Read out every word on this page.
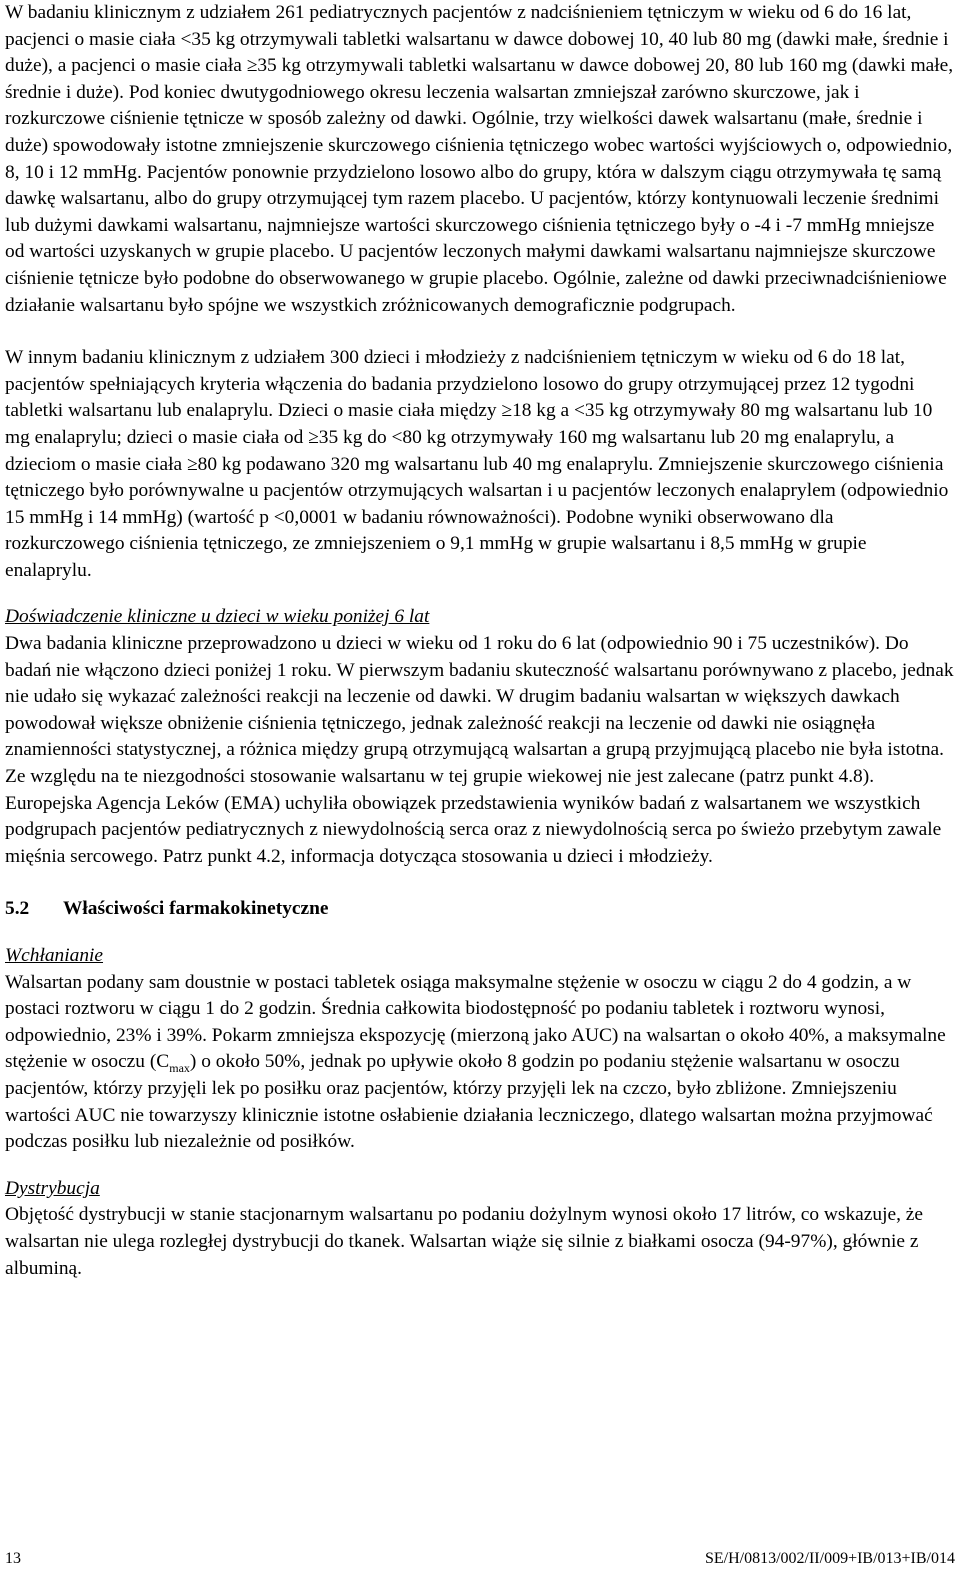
W badaniu klinicznym z udziałem 261 pediatrycznych pacjentów z nadciśnieniem tętniczym w wieku od 6 do 16 lat, pacjenci o masie ciała <35 kg otrzymywali tabletki walsartanu w dawce dobowej 10, 40 lub 80 mg (dawki małe, średnie i duże), a pacjenci o masie ciała ≥35 kg otrzymywali tabletki walsartanu w dawce dobowej 20, 80 lub 160 mg (dawki małe, średnie i duże). Pod koniec dwutygodniowego okresu leczenia walsartan zmniejszał zarówno skurczowe, jak i rozkurczowe ciśnienie tętnicze w sposób zależny od dawki. Ogólnie, trzy wielkości dawek walsartanu (małe, średnie i duże) spowodowały istotne zmniejszenie skurczowego ciśnienia tętniczego wobec wartości wyjściowych o, odpowiednio, 8, 10 i 12 mmHg. Pacjentów ponownie przydzielono losowo albo do grupy, która w dalszym ciągu otrzymywała tę samą dawkę walsartanu, albo do grupy otrzymującej tym razem placebo. U pacjentów, którzy kontynuowali leczenie średnimi lub dużymi dawkami walsartanu, najmniejsze wartości skurczowego ciśnienia tętniczego były o -4 i -7 mmHg mniejsze od wartości uzyskanych w grupie placebo. U pacjentów leczonych małymi dawkami walsartanu najmniejsze skurczowe ciśnienie tętnicze było podobne do obserwowanego w grupie placebo. Ogólnie, zależne od dawki przeciwnadciśnieniowe działanie walsartanu było spójne we wszystkich zróżnicowanych demograficznie podgrupach.

W innym badaniu klinicznym z udziałem 300 dzieci i młodzieży z nadciśnieniem tętniczym w wieku od 6 do 18 lat, pacjentów spełniających kryteria włączenia do badania przydzielono losowo do grupy otrzymującej przez 12 tygodni tabletki walsartanu lub enalaprylu. Dzieci o masie ciała między ≥18 kg a <35 kg otrzymywały 80 mg walsartanu lub 10 mg enalaprylu; dzieci o masie ciała od ≥35 kg do <80 kg otrzymywały 160 mg walsartanu lub 20 mg enalaprylu, a dzieciom o masie ciała ≥80 kg podawano 320 mg walsartanu lub 40 mg enalaprylu. Zmniejszenie skurczowego ciśnienia tętniczego było porównywalne u pacjentów otrzymujących walsartan i u pacjentów leczonych enalaprylem (odpowiednio 15 mmHg i 14 mmHg) (wartość p <0,0001 w badaniu równoważności). Podobne wyniki obserwowano dla rozkurczowego ciśnienia tętniczego, ze zmniejszeniem o 9,1 mmHg w grupie walsartanu i 8,5 mmHg w grupie enalaprylu.

Doświadczenie kliniczne u dzieci w wieku poniżej 6 lat

Dwa badania kliniczne przeprowadzono u dzieci w wieku od 1 roku do 6 lat (odpowiednio 90 i 75 uczestników). Do badań nie włączono dzieci poniżej 1 roku. W pierwszym badaniu skuteczność walsartanu porównywano z placebo, jednak nie udało się wykazać zależności reakcji na leczenie od dawki. W drugim badaniu walsartan w większych dawkach powodował większe obniżenie ciśnienia tętniczego, jednak zależność reakcji na leczenie od dawki nie osiągnęła znamienności statystycznej, a różnica między grupą otrzymującą walsartan a grupą przyjmującą placebo nie była istotna. Ze względu na te niezgodności stosowanie walsartanu w tej grupie wiekowej nie jest zalecane (patrz punkt 4.8).

Europejska Agencja Leków (EMA) uchyliła obowiązek przedstawienia wyników badań z walsartanem we wszystkich podgrupach pacjentów pediatrycznych z niewydolnością serca oraz z niewydolnością serca po świeżo przebytym zawale mięśnia sercowego. Patrz punkt 4.2, informacja dotycząca stosowania u dzieci i młodzieży.

5.2	Właściwości farmakokinetyczne

Wchłanianie

Walsartan podany sam doustnie w postaci tabletek osiąga maksymalne stężenie w osoczu w ciągu 2 do 4 godzin, a w postaci roztworu w ciągu 1 do 2 godzin. Średnia całkowita biodostępność po podaniu tabletek i roztworu wynosi, odpowiednio, 23% i 39%. Pokarm zmniejsza ekspozycję (mierzoną jako AUC) na walsartan o około 40%, a maksymalne stężenie w osoczu $(C_{max})$ o około 50%, jednak po upływie około 8 godzin po podaniu stężenie walsartanu w osoczu pacjentów, którzy przyjęli lek po posiłku oraz pacjentów, którzy przyjęli lek na czczo, było zbliżone. Zmniejszeniu wartości AUC nie towarzyszy klinicznie istotne osłabienie działania leczniczego, dlatego walsartan można przyjmować podczas posiłku lub niezależnie od posiłków.

Dystrybucja

Objętość dystrybucji w stanie stacjonarnym walsartanu po podaniu dożylnym wynosi około 17 litrów, co wskazuje, że walsartan nie ulega rozległej dystrybucji do tkanek. Walsartan wiąże się silnie z białkami osocza (94-97%), głównie z albuminą.

13	SE/H/0813/002/II/009+IB/013+IB/014
